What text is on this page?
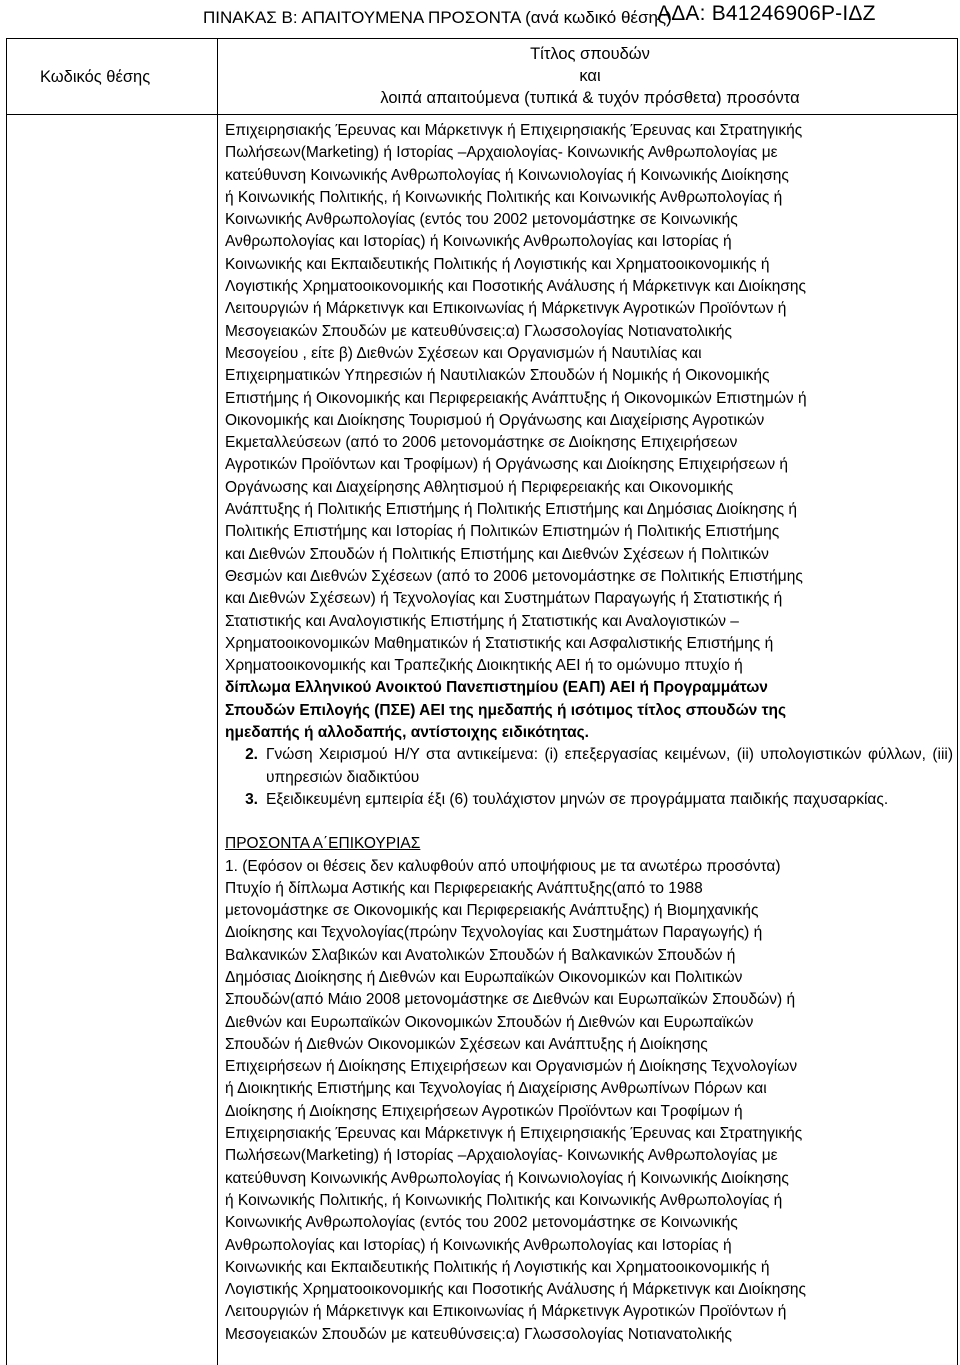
ΠΙΝΑΚΑΣ Β: ΑΠΑΙΤΟΥΜΕΝΑ ΠΡΟΣΟΝΤΑ (ανά κωδικό θέσης)
ΑΔΑ: Β41246906Ρ-ΙΔΖ
Κωδικός θέσης
Τίτλος σπουδών
και
λοιπά απαιτούμενα (τυπικά & τυχόν πρόσθετα) προσόντα

Επιχειρησιακής Έρευνας και Μάρκετινγκ ή Επιχειρησιακής Έρευνας και Στρατηγικής

Πωλήσεων(Marketing) ή Ιστορίας –Αρχαιολογίας- Κοινωνικής Ανθρωπολογίας με

κατεύθυνση Κοινωνικής Ανθρωπολογίας ή Κοινωνιολογίας ή Κοινωνικής Διοίκησης

ή Κοινωνικής Πολιτικής, ή Κοινωνικής Πολιτικής και Κοινωνικής Ανθρωπολογίας ή

Κοινωνικής Ανθρωπολογίας (εντός του 2002 μετονομάστηκε σε Κοινωνικής

Ανθρωπολογίας και Ιστορίας) ή Κοινωνικής Ανθρωπολογίας και Ιστορίας ή

Κοινωνικής και Εκπαιδευτικής Πολιτικής ή Λογιστικής και Χρηματοοικονομικής ή

Λογιστικής Χρηματοοικονομικής και Ποσοτικής Ανάλυσης ή Μάρκετινγκ και Διοίκησης

Λειτουργιών ή Μάρκετινγκ και Επικοινωνίας ή Μάρκετινγκ Αγροτικών Προϊόντων ή

Μεσογειακών Σπουδών με κατευθύνσεις:α) Γλωσσολογίας Νοτιανατολικής

Μεσογείου , είτε β) Διεθνών Σχέσεων και Οργανισμών ή Ναυτιλίας και

Επιχειρηματικών Υπηρεσιών ή Ναυτιλιακών Σπουδών ή Νομικής ή Οικονομικής

Επιστήμης ή Οικονομικής και Περιφερειακής Ανάπτυξης ή Οικονομικών Επιστημών ή

Οικονομικής και Διοίκησης Τουρισμού ή Οργάνωσης και Διαχείρισης Αγροτικών

Εκμεταλλεύσεων (από το 2006 μετονομάστηκε σε Διοίκησης Επιχειρήσεων

Αγροτικών Προϊόντων και Τροφίμων) ή Οργάνωσης και Διοίκησης Επιχειρήσεων ή

Οργάνωσης και Διαχείρησης Αθλητισμού ή Περιφερειακής και Οικονομικής

Ανάπτυξης ή Πολιτικής Επιστήμης ή Πολιτικής Επιστήμης και Δημόσιας Διοίκησης ή

Πολιτικής Επιστήμης και Ιστορίας ή Πολιτικών Επιστημών ή Πολιτικής Επιστήμης

και Διεθνών Σπουδών ή Πολιτικής Επιστήμης και Διεθνών Σχέσεων ή Πολιτικών

Θεσμών και Διεθνών Σχέσεων (από το 2006 μετονομάστηκε σε Πολιτικής Επιστήμης

και Διεθνών Σχέσεων) ή Τεχνολογίας και Συστημάτων Παραγωγής ή Στατιστικής ή

Στατιστικής και Αναλογιστικής Επιστήμης ή Στατιστικής και Αναλογιστικών –

Χρηματοοικονομικών Μαθηματικών ή Στατιστικής και Ασφαλιστικής Επιστήμης ή

Χρηματοοικονομικής και Τραπεζικής Διοικητικής ΑΕΙ ή το ομώνυμο πτυχίο ή

δίπλωμα Ελληνικού Ανοικτού Πανεπιστημίου (ΕΑΠ) ΑΕΙ ή Προγραμμάτων

Σπουδών Επιλογής (ΠΣΕ) ΑΕΙ της ημεδαπής ή ισότιμος τίτλος σπουδών της

ημεδαπής ή αλλοδαπής, αντίστοιχης ειδικότητας.

2. Γνώση Χειρισμού Η/Υ στα αντικείμενα: (i) επεξεργασίας κειμένων, (ii) υπολογιστικών φύλλων, (iii) υπηρεσιών διαδικτύου
3. Εξειδικευμένη εμπειρία έξι (6) τουλάχιστον μηνών σε προγράμματα παιδικής παχυσαρκίας.

ΠΡΟΣΟΝΤΑ Α΄ΕΠΙΚΟΥΡΙΑΣ

1. (Εφόσον οι θέσεις δεν καλυφθούν από υποψήφιους με τα ανωτέρω προσόντα)

Πτυχίο ή δίπλωμα Αστικής και Περιφερειακής Ανάπτυξης(από το 1988

μετονομάστηκε σε Οικονομικής και Περιφερειακής Ανάπτυξης) ή Βιομηχανικής

Διοίκησης και Τεχνολογίας(πρώην Τεχνολογίας και Συστημάτων Παραγωγής) ή

Βαλκανικών Σλαβικών και Ανατολικών Σπουδών ή Βαλκανικών Σπουδών ή

Δημόσιας Διοίκησης ή Διεθνών και Ευρωπαϊκών Οικονομικών και Πολιτικών

Σπουδών(από Μάιο 2008 μετονομάστηκε σε Διεθνών και Ευρωπαϊκών Σπουδών) ή

Διεθνών και Ευρωπαϊκών Οικονομικών Σπουδών ή Διεθνών και Ευρωπαϊκών

Σπουδών ή Διεθνών Οικονομικών Σχέσεων και Ανάπτυξης ή Διοίκησης

Επιχειρήσεων ή Διοίκησης Επιχειρήσεων και Οργανισμών ή Διοίκησης Τεχνολογίων

ή Διοικητικής Επιστήμης και Τεχνολογίας ή Διαχείρισης Ανθρωπίνων Πόρων και

Διοίκησης ή Διοίκησης Επιχειρήσεων Αγροτικών Προϊόντων και Τροφίμων ή

Επιχειρησιακής Έρευνας και Μάρκετινγκ ή Επιχειρησιακής Έρευνας και Στρατηγικής

Πωλήσεων(Marketing) ή Ιστορίας –Αρχαιολογίας- Κοινωνικής Ανθρωπολογίας με

κατεύθυνση Κοινωνικής Ανθρωπολογίας ή Κοινωνιολογίας ή Κοινωνικής Διοίκησης

ή Κοινωνικής Πολιτικής, ή Κοινωνικής Πολιτικής και Κοινωνικής Ανθρωπολογίας ή

Κοινωνικής Ανθρωπολογίας (εντός του 2002 μετονομάστηκε σε Κοινωνικής

Ανθρωπολογίας και Ιστορίας) ή Κοινωνικής Ανθρωπολογίας και Ιστορίας ή

Κοινωνικής και Εκπαιδευτικής Πολιτικής ή Λογιστικής και Χρηματοοικονομικής ή

Λογιστικής Χρηματοοικονομικής και Ποσοτικής Ανάλυσης ή Μάρκετινγκ και Διοίκησης

Λειτουργιών ή Μάρκετινγκ και Επικοινωνίας ή Μάρκετινγκ Αγροτικών Προϊόντων ή

Μεσογειακών Σπουδών με κατευθύνσεις:α) Γλωσσολογίας Νοτιανατολικής
